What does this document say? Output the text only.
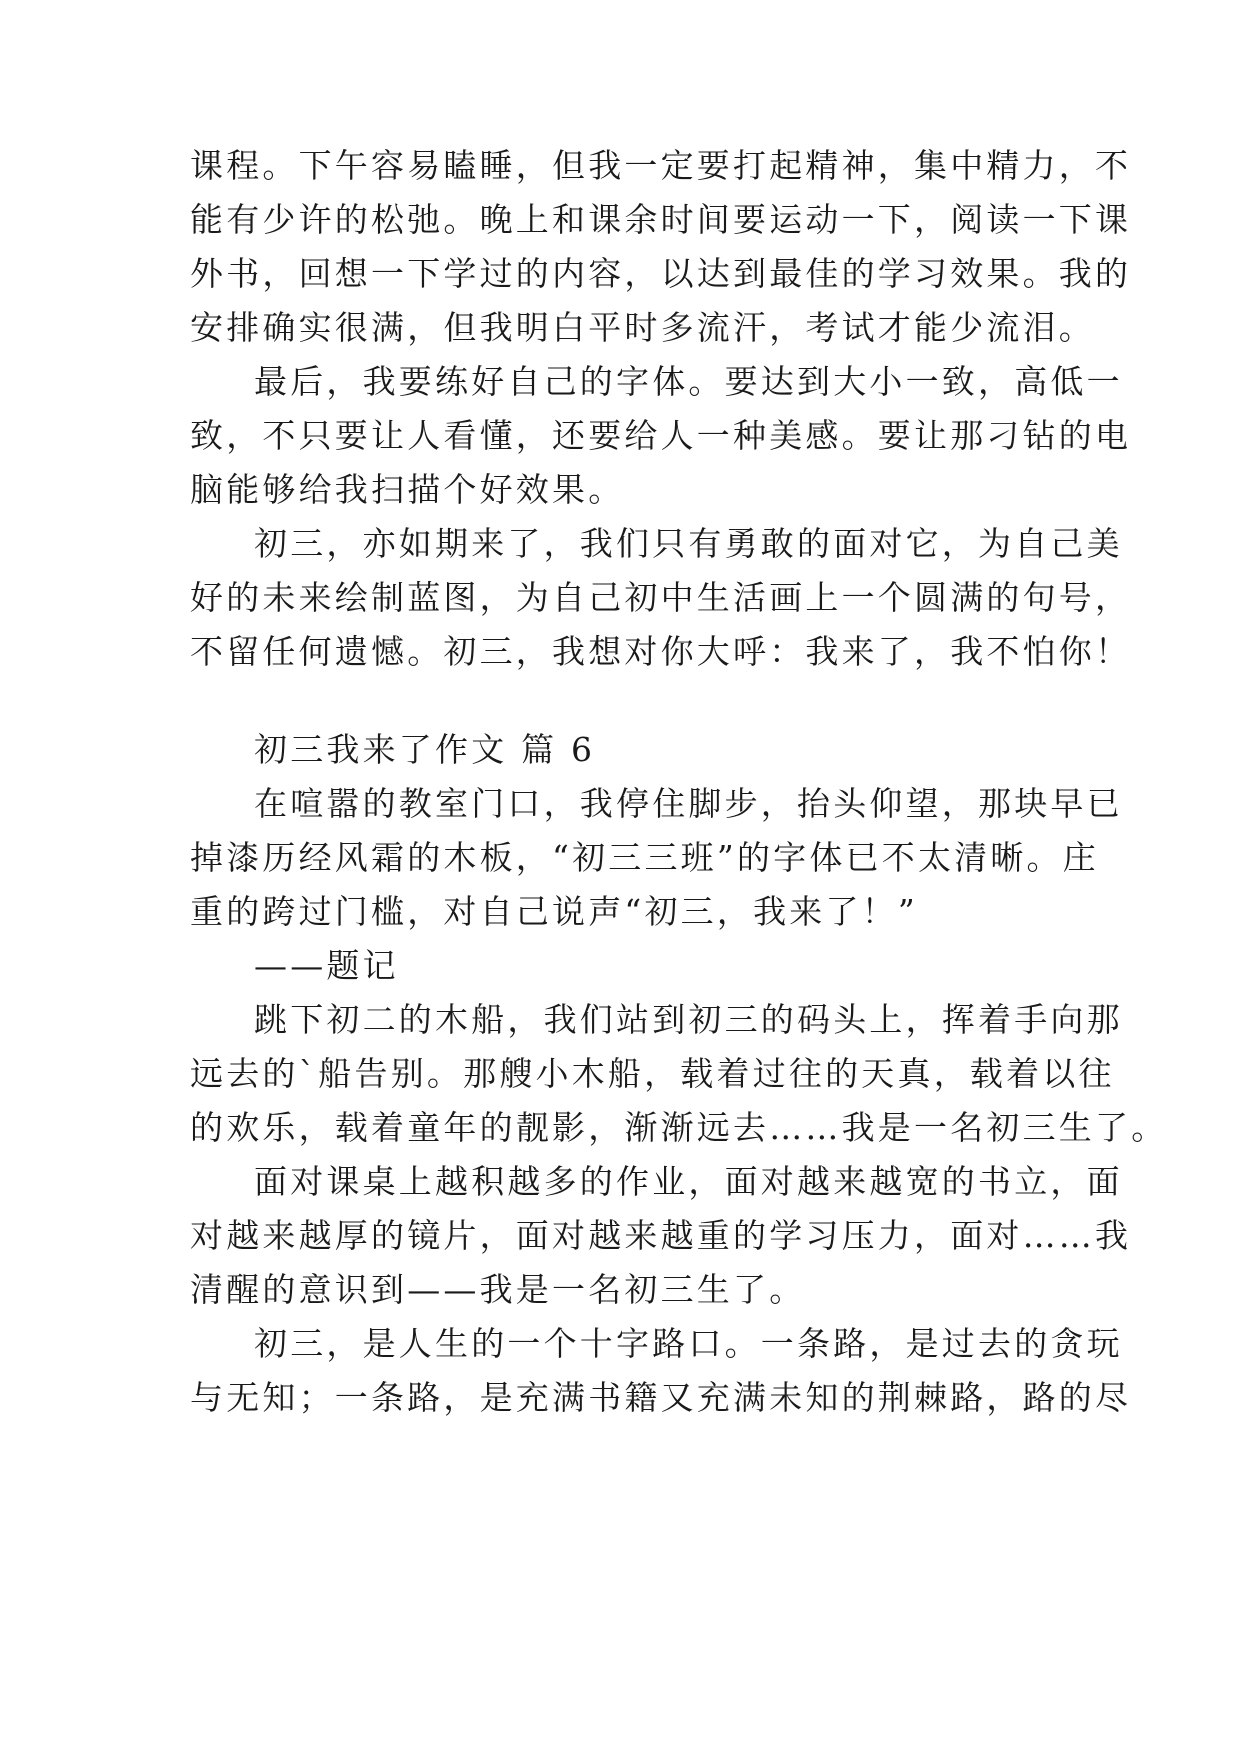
课程。下午容易瞌睡，但我一定要打起精神，集中精力，不
能有少许的松弛。晚上和课余时间要运动一下，阅读一下课
外书，回想一下学过的内容，以达到最佳的学习效果。我的
安排确实很满，但我明白平时多流汗，考试才能少流泪。
最后，我要练好自己的字体。要达到大小一致，高低一
致，不只要让人看懂，还要给人一种美感。要让那刁钻的电
脑能够给我扫描个好效果。
初三，亦如期来了，我们只有勇敢的面对它，为自己美
好的未来绘制蓝图，为自己初中生活画上一个圆满的句号，
不留任何遗憾。初三，我想对你大呼：我来了，我不怕你！
初三我来了作文 篇 6
在喧嚣的教室门口，我停住脚步，抬头仰望，那块早已
掉漆历经风霜的木板，“初三三班”的字体已不太清晰。庄
重的跨过门槛，对自己说声“初三，我来了！”
——题记
跳下初二的木船，我们站到初三的码头上，挥着手向那
远去的`船告别。那艘小木船，载着过往的天真，载着以往
的欢乐，载着童年的靓影，渐渐远去……我是一名初三生了。
面对课桌上越积越多的作业，面对越来越宽的书立，面
对越来越厚的镜片，面对越来越重的学习压力，面对……我
清醒的意识到——我是一名初三生了。
初三，是人生的一个十字路口。一条路，是过去的贪玩
与无知；一条路，是充满书籍又充满未知的荆棘路，路的尽
